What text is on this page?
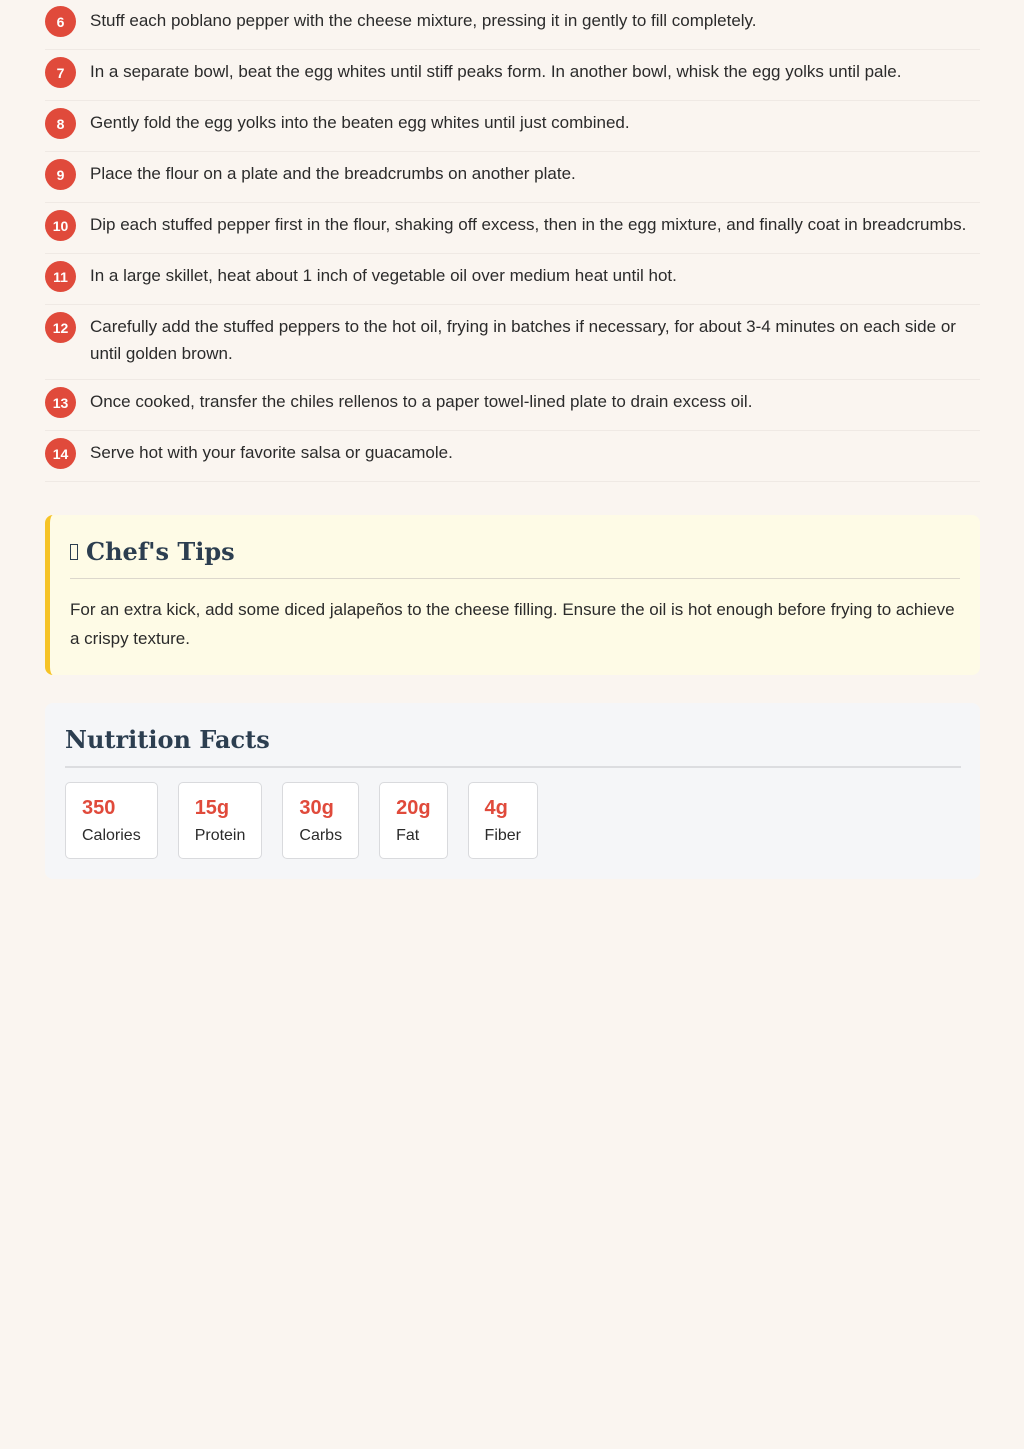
6	Stuff each poblano pepper with the cheese mixture, pressing it in gently to fill completely.
7	In a separate bowl, beat the egg whites until stiff peaks form. In another bowl, whisk the egg yolks until pale.
8	Gently fold the egg yolks into the beaten egg whites until just combined.
9	Place the flour on a plate and the breadcrumbs on another plate.
10	Dip each stuffed pepper first in the flour, shaking off excess, then in the egg mixture, and finally coat in breadcrumbs.
11	In a large skillet, heat about 1 inch of vegetable oil over medium heat until hot.
12	Carefully add the stuffed peppers to the hot oil, frying in batches if necessary, for about 3-4 minutes on each side or until golden brown.
13	Once cooked, transfer the chiles rellenos to a paper towel-lined plate to drain excess oil.
14	Serve hot with your favorite salsa or guacamole.
Chef's Tips

For an extra kick, add some diced jalapeños to the cheese filling. Ensure the oil is hot enough before frying to achieve a crispy texture.

Nutrition Facts
350
Calories
15g
Protein
30g
Carbs
20g
Fat
4g
Fiber
